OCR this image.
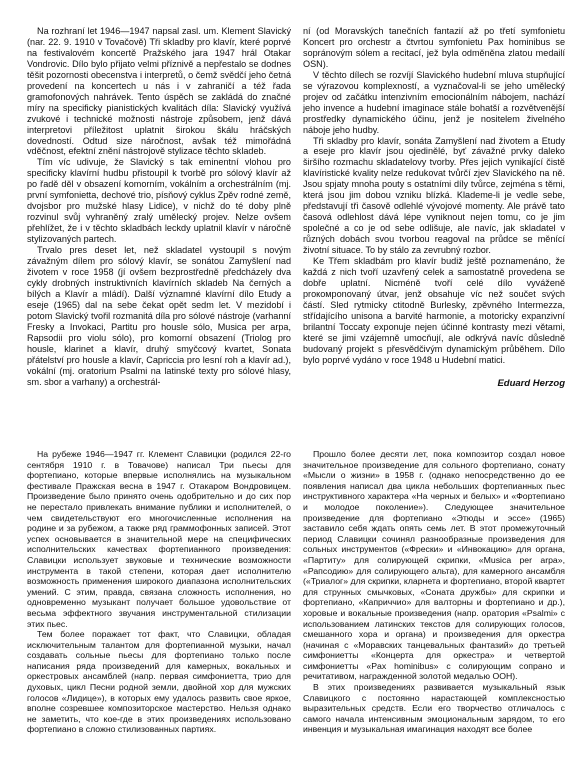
Na rozhraní let 1946—1947 napsal zasl. um. Klement Slavický (nar. 22. 9. 1910 v Tovačově) Tři skladby pro klavír, které poprvé na festivalovém koncertě Pražského jara 1947 hrál Otakar Vondrovic. Dílo bylo přijato velmi příznivě a nepřestalo se dodnes těšit pozornosti obecenstva i interpretů, o čemž svědčí jeho četná provedení na koncertech u nás i v zahraničí a též řada gramofonových nahrávek. Tento úspěch se zakládá do značné míry na specificky pianistických kvalitách díla: Slavický využívá zvukové i technické možnosti nástroje způsobem, jenž dává interpretovi příležitost uplatnit širokou škálu hráčských dovedností. Odtud size náročnost, avšak též mimořádná vděčnost, efektní znění nástrojově stylizace těchto skladeb.

Tím víc udivuje, že Slavický s tak eminentní vlohou pro specificky klavírní hudbu přistoupil k tvorbě pro sólový klavír až po řadě děl v obsazení komorním, vokálním a orchestrálním (mj. první symfonietta, dechové trio, písňový cyklus Zpěv rodné země, dvojsbor pro mužské hlasy Lidice), v nichž do té doby plně rozvinul svůj vyhraněný zralý umělecký projev. Nelze ovšem přehlížet, že i v těchto skladbách leckdy uplatnil klavír v náročně stylizovaných partech.

Trvalo pres deset let, než skladatel vystoupil s novým závažným dílem pro sólový klavír, se sonátou Zamyšlení nad životem v roce 1958 (jí ovšem bezprostředně předcházely dva cykly drobných instruktivních klavírních skladeb Na černých a bílých a Klavír a mládí). Další významné klavírní dílo Etudy a esejе (1965) dal na sebe čekat opět sedm let. V mezidobí i potom Slavický tvořil rozmanitá díla pro sólové nástroje (varhanní Fresky a Invokaci, Partitu pro housle sólo, Musica per arpa, Rapsodii pro violu sólo), pro komorní obsazení (Triolog pro housle, klarinet a klavír, druhý smyčcový kvartet, Sonata přátelství pro housle a klavír, Capriccia pro lesní roh a klavír ad.), vokální (mj. oratorium Psalmi na latinské texty pro sólové hlasy, sm. sbor a varhany) a orchestrál-

ní (od Moravských tanečních fantazií až po třetí symfonietu Koncert pro orchestr a čtvrtou symfonietu Pax hominibus se sopránovým sólem a recitací, jež byla odměněna zlatou medailí OSN).

V těchto dílech se rozvíjí Slavického hudební mluva stupňující se výrazovou komplexností, a vyznačoval-li se jeho umělecký projev od začátku intenzivním emocionálním nábojem, nachází jeho invence a hudební imaginace stále bohatší a rozvětvenější prostředky dynamického účinu, jenž je nositelem živelného náboje jeho hudby.

Tři skladby pro klavír, sonáta Zamyšlení nad životem a Etudy a eseje pro klavír jsou ojedinělé, byť závažné prvky daleko širšího rozmachu skladatelovy tvorby. Přes jejich vynikající čistě klavíristické kvality nelze redukovat tvůrčí zjev Slavického na ně. Jsou spjaty mnoha pouty s ostatními díly tvůrce, zejména s těmi, která jsou jim dobou vzniku blízká. Klademe-li je vedle sebe, představují tři časově odlehlé vývojové momenty. Ale právě tato časová odlehlost dává lépe vyniknout nejen tomu, co je jim společné a co je od sebe odlišuje, ale navíc, jak skladatel v různých dobách svou tvorbou reagoval na průdce se měnící životní situace. To by stálo za zevrubný rozbor.

Ke Třem skladbám pro klavír budiž ještě poznamenáno, že každá z nich tvoří uzavřený celek a samostatně provedena se dobře uplatní. Nicméně tvoří celé dílo vyváženě proкомponovaný útvar, jenž obsahuje víc než součet svých částí. Sled rytmicky ctitodně Burlesky, zpěvného Intermezza, střídajícího unisona a barvité harmonie, a motoricky expanzivní brilantní Toccaty exponuje nejen účinné kontrasty mezi větami, které se jimi vzájemně umocňují, ale odkrývá navíc důsledně budovaný projekt s přesvědčivým dynamickým průběhem. Dílo bylo poprvé vydáno v roce 1948 u Hudební matici.

Eduard Herzog

На рубеже 1946—1947 гг. Клемент Славицки (родился 22-го сентября 1910 г. в Товачове) написал Три пьесы для фортепиано, которые впервые исполнялись на музыкальном фестивале Пражская весна в 1947 г. Отакаром Вондровицем. Произведение было принято очень одобрительно и до сих пор не перестало привлекать внимание публики и исполнителей, о чем свидетельствуют его многочисленные исполнения на родине и за рубежом, а также ряд граммофонных записей. Этот успех основывается в значительной мере на специфических исполнительских качествах фортепианного произведения: Славицки использует звуковые и технические возможности инструмента в такой степени, которая дает исполнителю возможность применения широкого диапазона исполнительских умений. С этим, правда, связана сложность исполнения, но одновременно музыкант получает большое удовольствие от весьма эффектного звучания инструментальной стилизации этих пьес.

Тем более поражает тот факт, что Славицки, обладая исключительным талантом для фортепианной музыки, начал создавать сольные пьесы для фортепиано только после написания ряда произведений для камерных, вокальных и оркестровых ансамблей (напр. первая симфониетта, трио для духовых, цикл Песни родной земли, двойной хор для мужских голосов «Лидице»), в которых ему удалось развить свое яркое, вполне созревшее композиторское мастерство. Нельзя однако не заметить, что кое-где в этих произведениях использовано фортепиано в сложно стилизованных партиях.

Прошло более десяти лет, пока композитор создал новое значительное произведение для сольного фортепиано, сонату «Мысли о жизни» в 1958 г. (однако непосредственно до ее появления написал два цикла небольших фортепианных пьес инструктивного характера «На черных и белых» и «Фортепиано и молодое поколение»). Следующее значительное произведение для фортепиано «Этюды и эссе» (1965) заставило себя ждать опять семь лет. В этот промежуточный период Славицки сочинял разнообразные произведения для сольных инструментов («Фрески» и «Инвокацию» для органа, «Партиту» для солирующей скрипки, «Musica per arpa», «Рапсодию» для солирующего альта), для камерного ансамбля («Триалог» для скрипки, кларнета и фортепиано, второй квартет для струнных смычковых, «Соната дружбы» для скрипки и фортепиано, «Каприччио» для валторны и фортепиано и др.), хоровые и вокальные произведения (напр. оратория «Psalmi» с использованием латинских текстов для солирующих голосов, смешанного хора и органа) и произведения для оркестра (начиная с «Моравских танцевальных фантазий» до третьей симфониетты «Концерта для оркестра» и четвертой симфониетты «Pax hominibus» с солирующим сопрано и речитативом, награжденной золотой медалью ООН).

В этих произведениях развивается музыкальный язык Славицкого с постоянно нарастающей комплексностью выразительных средств. Если его творчество отличалось с самого начала интенсивным эмоциональным зарядом, то его инвенция и музыкальная имагинация находят все более
